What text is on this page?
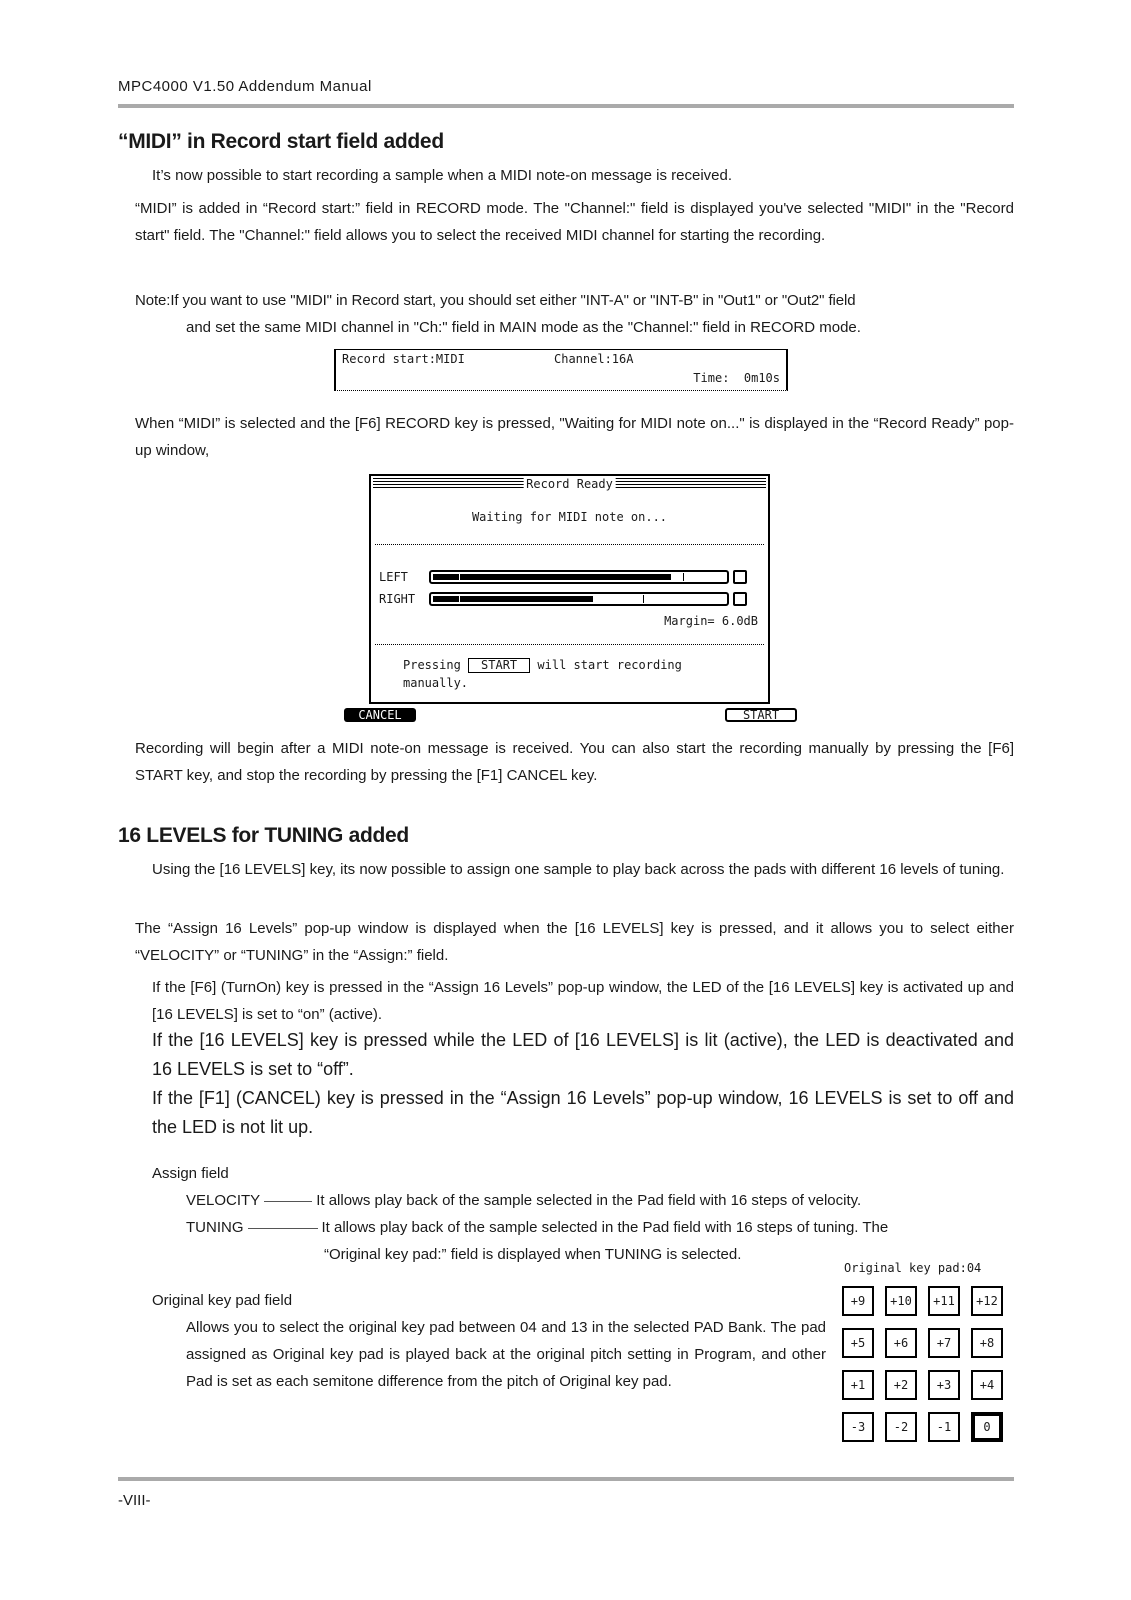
MPC4000 V1.50 Addendum Manual
“MIDI” in Record start field added

It’s now possible to start recording a sample when a MIDI note-on message is received.

“MIDI” is added in “Record start:” field in RECORD mode. The "Channel:" field is displayed you've selected "MIDI" in the "Record start" field. The "Channel:" field allows you to select the received MIDI channel for starting the recording.

Note:If you want to use "MIDI" in Record start, you should set either "INT-A" or "INT-B" in "Out1" or "Out2" field

and set the same MIDI channel in "Ch:" field in MAIN mode as the "Channel:" field in RECORD mode.

Record start:MIDI	Channel:16A
Time:  0m10s

When “MIDI” is selected and the [F6] RECORD key is pressed, "Waiting for MIDI note on..." is displayed in the “Record Ready” pop-up window,

Record Ready
Waiting for MIDI note on...
LEFT
RIGHT
Margin= 6.0dB
Pressing START will start recording
manually.
CANCEL	START

Recording will begin after a MIDI note-on message is received. You can also start the recording manually by pressing the [F6] START key, and stop the recording by pressing the [F1] CANCEL key.

16 LEVELS for TUNING added

Using the [16 LEVELS] key, its now possible to assign one sample to play back across the pads with different 16 levels of tuning.

The “Assign 16 Levels” pop-up window is displayed when the [16 LEVELS] key is pressed, and it allows you to select either “VELOCITY” or “TUNING” in the “Assign:” field.

If the [F6] (TurnOn) key is pressed in the “Assign 16 Levels” pop-up window, the LED of the [16 LEVELS] key is activated up and [16 LEVELS] is set to “on” (active).

If the [16 LEVELS] key is pressed while the LED of [16 LEVELS] is lit (active), the LED is deactivated and 16 LEVELS is set to “off”.

If the [F1] (CANCEL) key is pressed in the “Assign 16 Levels” pop-up window, 16 LEVELS is set to off and the LED is not lit up.

Assign field
VELOCITY	It allows play back of the sample selected in the Pad field with 16 steps of velocity.
TUNING	It allows play back of the sample selected in the Pad field with 16 steps of tuning. The
“Original key pad:” field is displayed when TUNING is selected.
Original key pad field

Allows you to select the original key pad between 04 and 13 in the selected PAD Bank. The pad assigned as Original key pad is played back at the original pitch setting in Program, and other Pad is set as each semitone difference from the pitch of Original key pad.

Original key pad:04
+9	+10	+11	+12
+5	+6	+7	+8
+1	+2	+3	+4
-3	-2	-1	0
-VIII-
